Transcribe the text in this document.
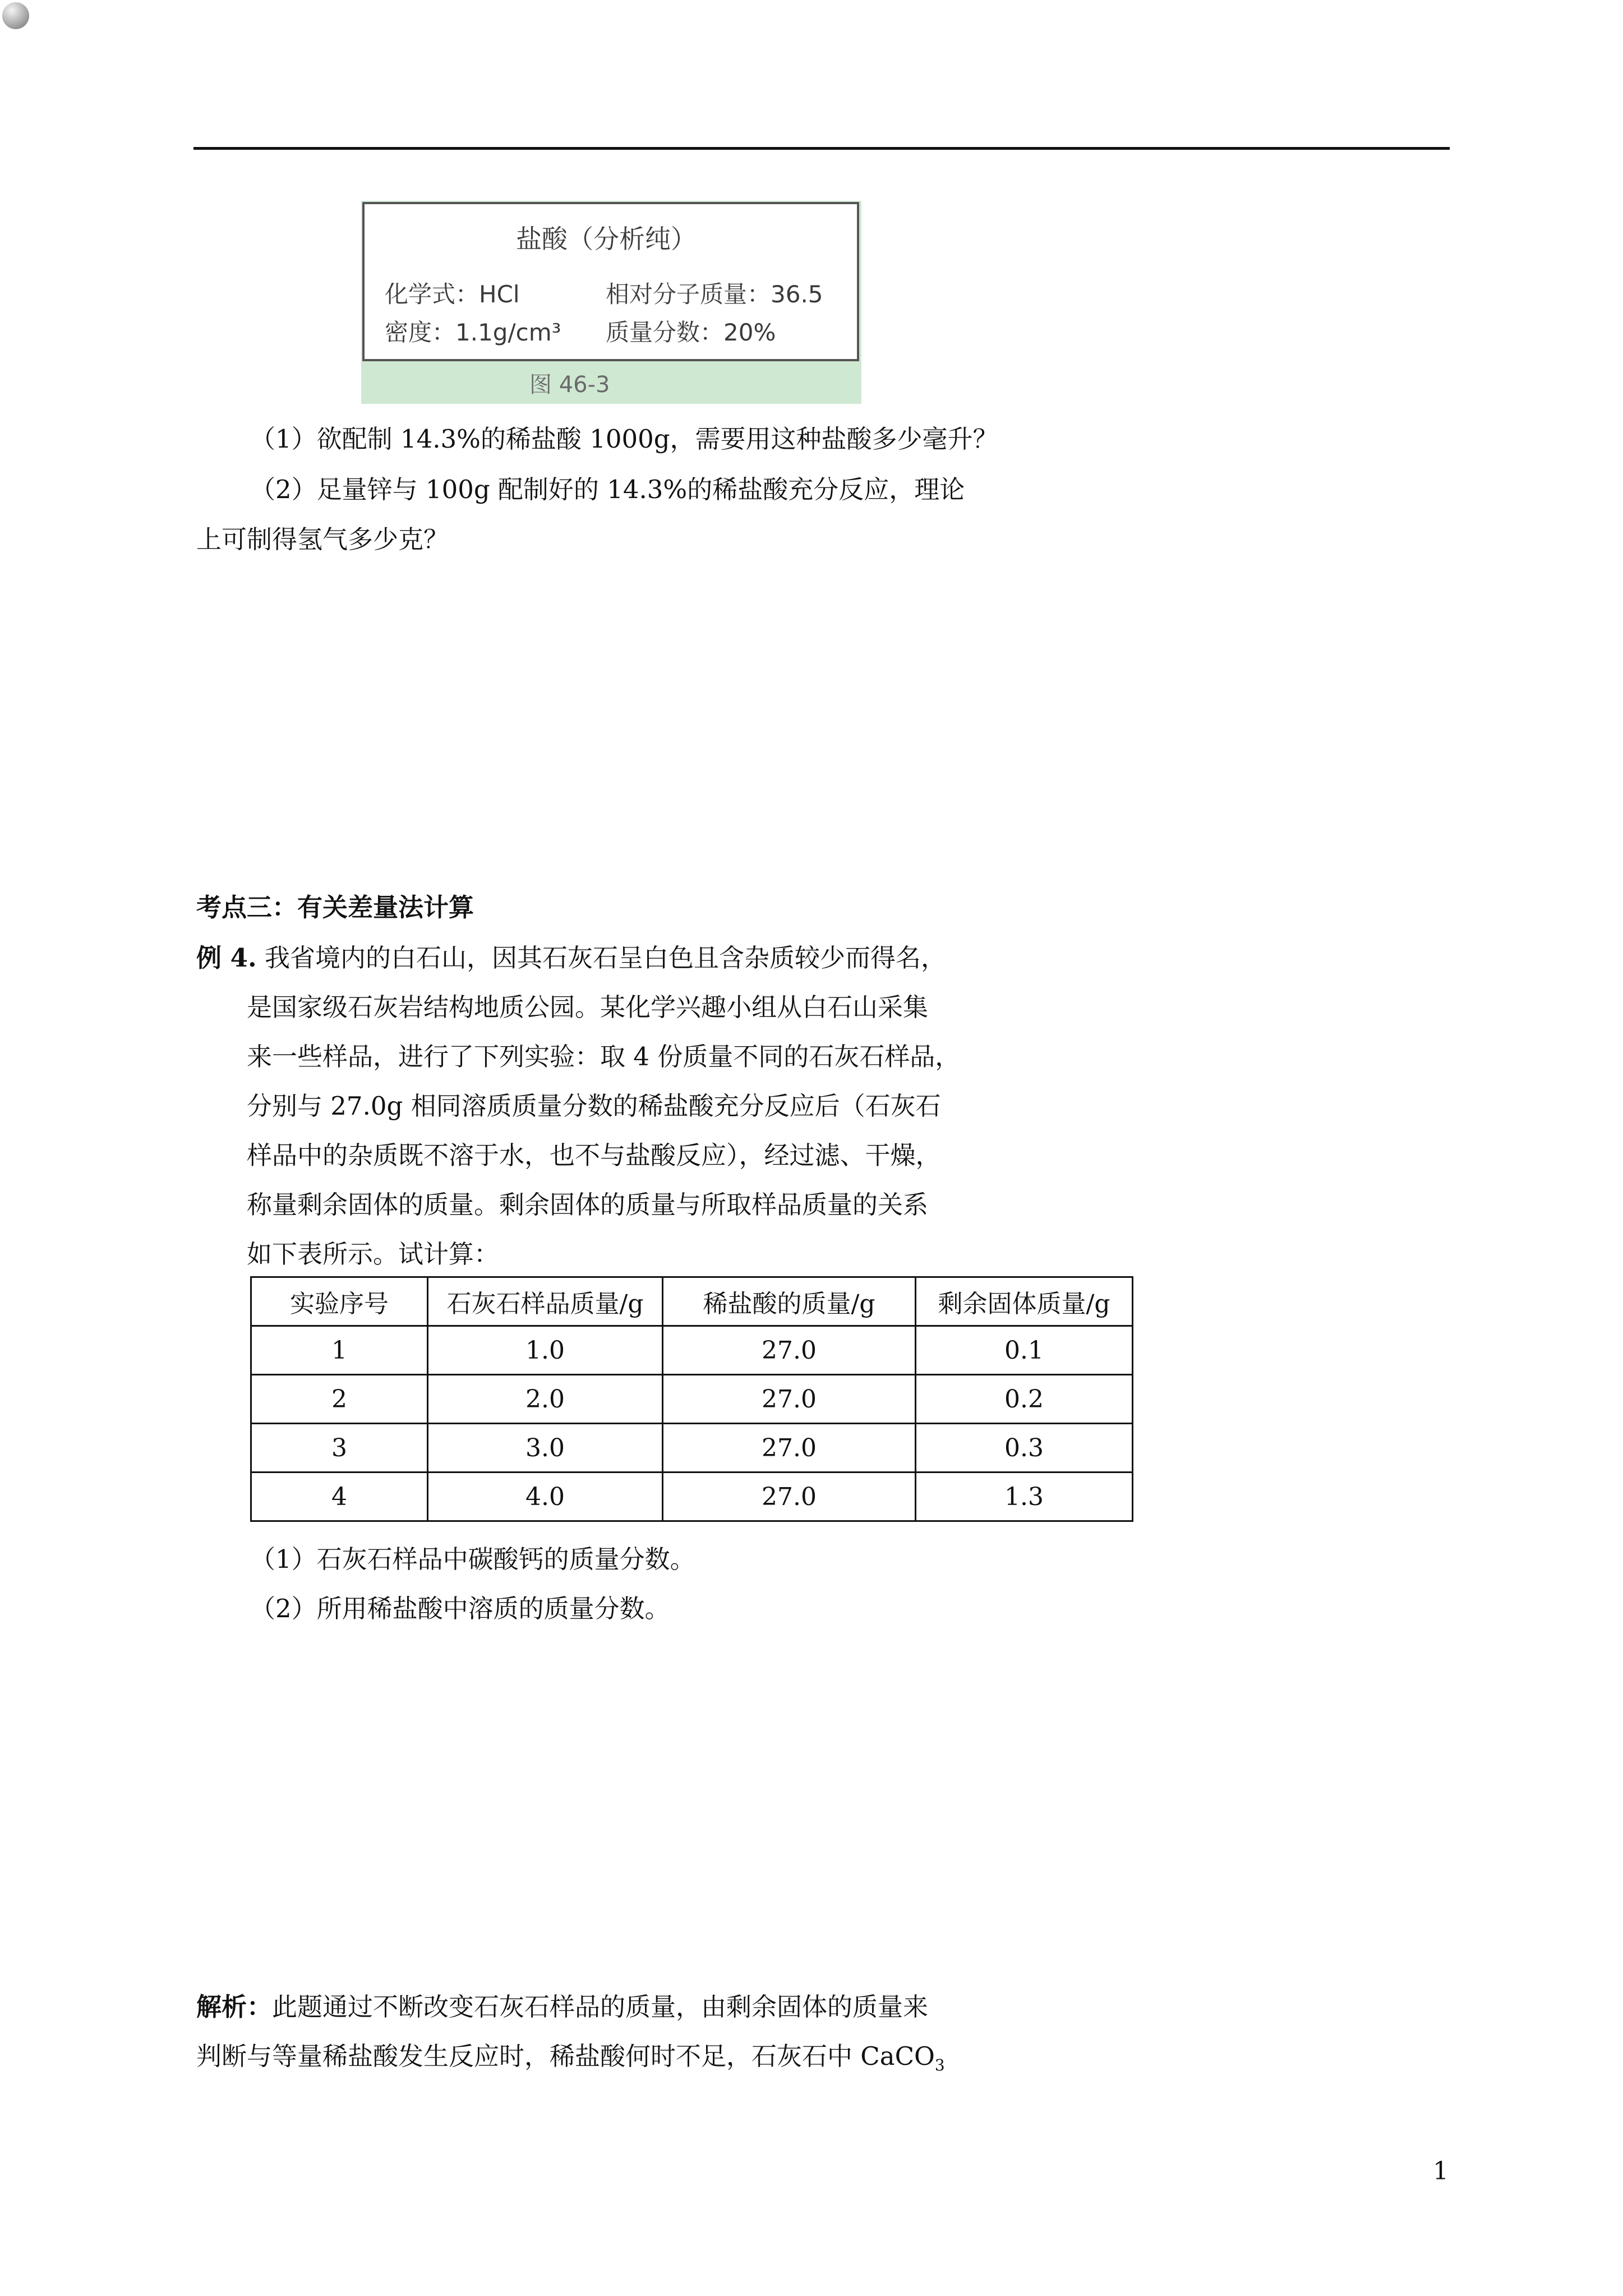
盐酸（分析纯）
化学式：HCl	相对分子质量：36.5
密度：1.1g/cm³ 质量分数：20%
图 46-3
（1）欲配制 14.3%的稀盐酸 1000g，需要用这种盐酸多少毫升？
（2）足量锌与 100g 配制好的 14.3%的稀盐酸充分反应，理论
上可制得氢气多少克？
考点三：有关差量法计算
例 4. 我省境内的白石山，因其石灰石呈白色且含杂质较少而得名，
是国家级石灰岩结构地质公园。某化学兴趣小组从白石山采集
来一些样品，进行了下列实验：取 4 份质量不同的石灰石样品，
分别与 27.0g 相同溶质质量分数的稀盐酸充分反应后（石灰石
样品中的杂质既不溶于水，也不与盐酸反应），经过滤、干燥，
称量剩余固体的质量。剩余固体的质量与所取样品质量的关系
如下表所示。试计算：
实验序号	石灰石样品质量/g	稀盐酸的质量/g	剩余固体质量/g
1	1.0	27.0	0.1
2	2.0	27.0	0.2
3	3.0	27.0	0.3
4	4.0	27.0	1.3
（1）石灰石样品中碳酸钙的质量分数。
（2）所用稀盐酸中溶质的质量分数。
解析：此题通过不断改变石灰石样品的质量，由剩余固体的质量来
判断与等量稀盐酸发生反应时，稀盐酸何时不足，石灰石中 CaCO$_3$
1
